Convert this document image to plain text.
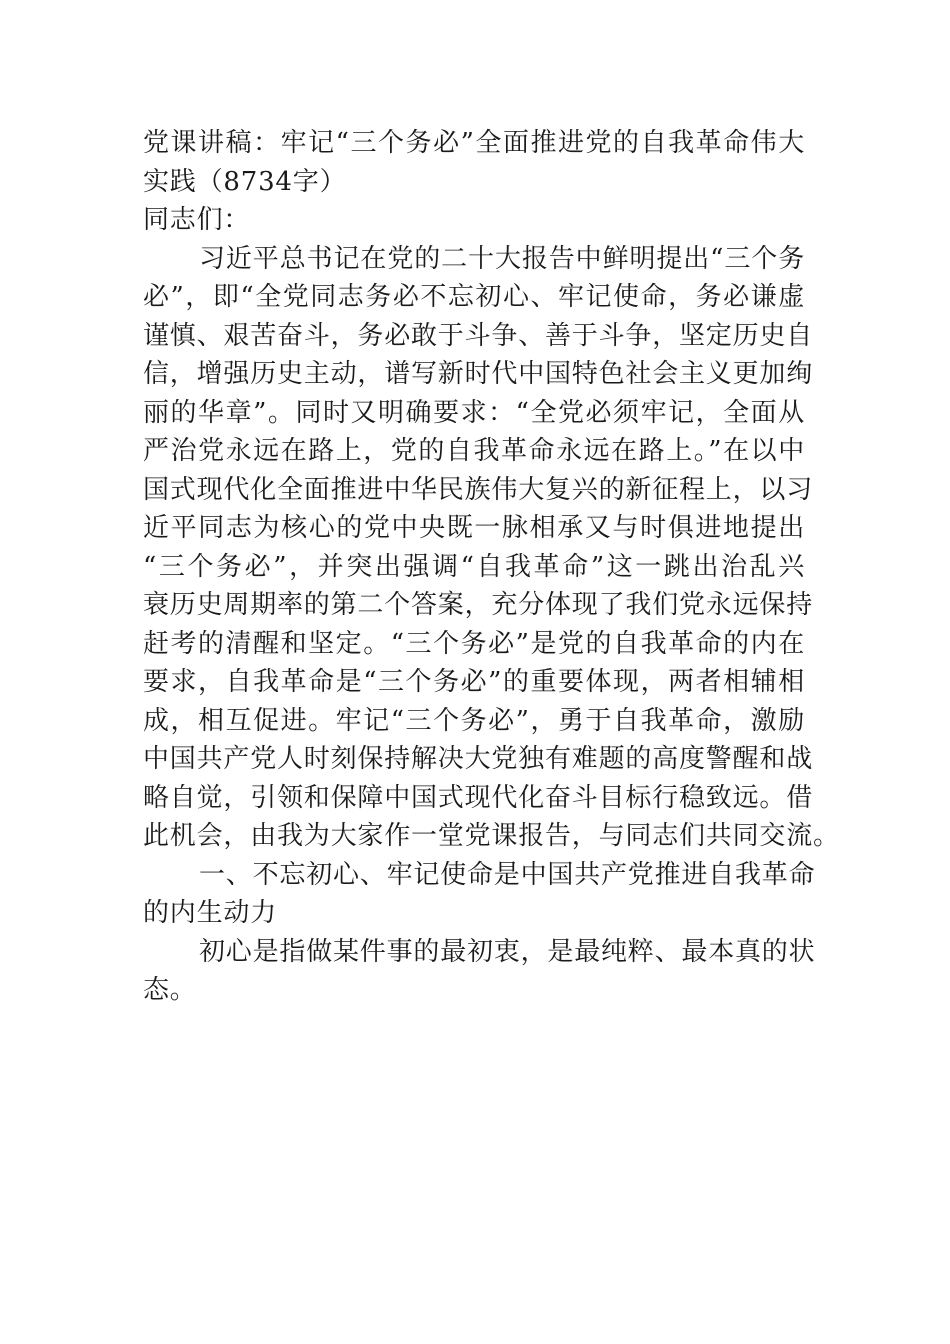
党课讲稿：牢记“三个务必”全面推进党的自我革命伟大
实践（8734字）
同志们：
习近平总书记在党的二十大报告中鲜明提出“三个务
必”，即“全党同志务必不忘初心、牢记使命，务必谦虚
谨慎、艰苦奋斗，务必敢于斗争、善于斗争，坚定历史自
信，增强历史主动，谱写新时代中国特色社会主义更加绚
丽的华章”。同时又明确要求：“全党必须牢记，全面从
严治党永远在路上，党的自我革命永远在路上。”在以中
国式现代化全面推进中华民族伟大复兴的新征程上，以习
近平同志为核心的党中央既一脉相承又与时俱进地提出
“三个务必”，并突出强调“自我革命”这一跳出治乱兴
衰历史周期率的第二个答案，充分体现了我们党永远保持
赶考的清醒和坚定。“三个务必”是党的自我革命的内在
要求，自我革命是“三个务必”的重要体现，两者相辅相
成，相互促进。牢记“三个务必”，勇于自我革命，激励
中国共产党人时刻保持解决大党独有难题的高度警醒和战
略自觉，引领和保障中国式现代化奋斗目标行稳致远。借
此机会，由我为大家作一堂党课报告，与同志们共同交流。
一、不忘初心、牢记使命是中国共产党推进自我革命
的内生动力
初心是指做某件事的最初衷，是最纯粹、最本真的状
态。
